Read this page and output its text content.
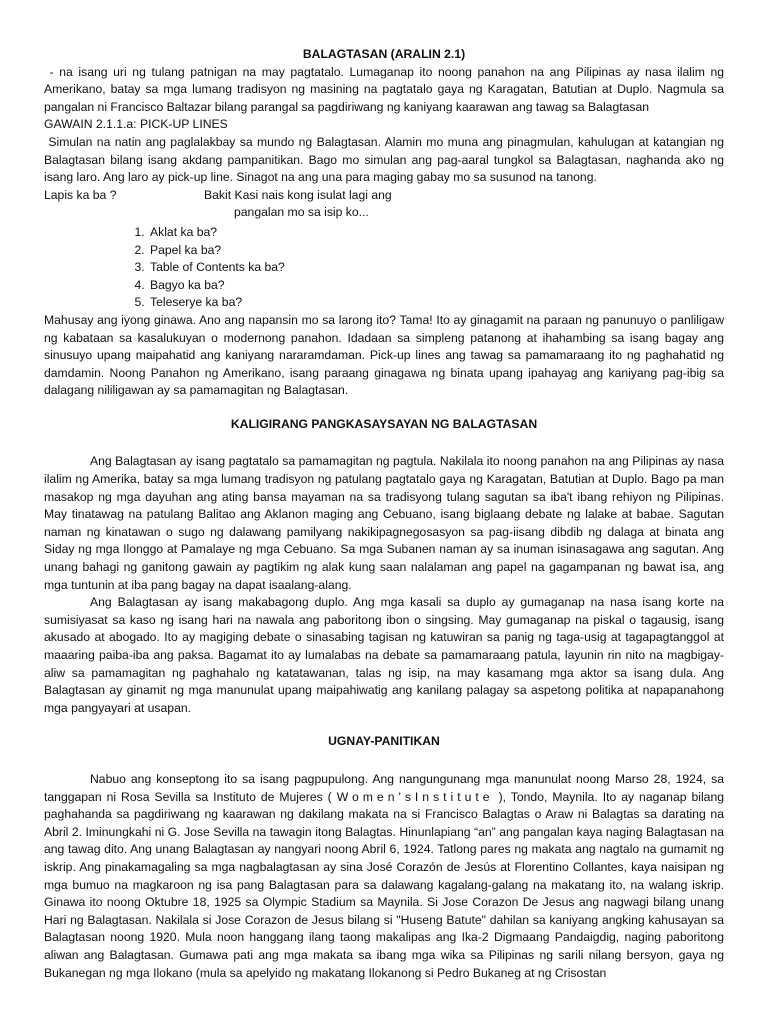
BALAGTASAN (ARALIN 2.1)

- na isang uri ng tulang patnigan na may pagtatalo. Lumaganap ito noong panahon na ang Pilipinas ay nasa ilalim ng Amerikano, batay sa mga lumang tradisyon ng masining na pagtatalo gaya ng Karagatan, Batutian at Duplo. Nagmula sa pangalan ni Francisco Baltazar bilang parangal sa pagdiriwang ng kaniyang kaarawan ang tawag sa Balagtasan

GAWAIN 2.1.1.a: PICK-UP LINES

Simulan na natin ang paglalakbay sa mundo ng Balagtasan. Alamin mo muna ang pinagmulan, kahulugan at katangian ng Balagtasan bilang isang akdang pampanitikan. Bago mo simulan ang pag-aaral tungkol sa Balagtasan, naghanda ako ng isang laro. Ang laro ay pick-up line. Sinagot na ang una para maging gabay mo sa susunod na tanong.

Lapis ka ba ?	Bakit Kasi nais kong isulat lagi ang

pangalan mo sa isip ko...

1. Aklat ka ba?
2. Papel ka ba?
3. Table of Contents ka ba?
4. Bagyo ka ba?
5. Teleserye ka ba?

Mahusay ang iyong ginawa. Ano ang napansin mo sa larong ito? Tama! Ito ay ginagamit na paraan ng panunuyo o panliligaw ng kabataan sa kasalukuyan o modernong panahon. Idadaan sa simpleng patanong at ihahambing sa isang bagay ang sinusuyo upang maipahatid ang kaniyang nararamdaman. Pick-up lines ang tawag sa pamamaraang ito ng paghahatid ng damdamin. Noong Panahon ng Amerikano, isang paraang ginagawa ng binata upang ipahayag ang kaniyang pag-ibig sa dalagang nililigawan ay sa pamamagitan ng Balagtasan.

KALIGIRANG PANGKASAYSAYAN NG BALAGTASAN

Ang Balagtasan ay isang pagtatalo sa pamamagitan ng pagtula. Nakilala ito noong panahon na ang Pilipinas ay nasa ilalim ng Amerika, batay sa mga lumang tradisyon ng patulang pagtatalo gaya ng Karagatan, Batutian at Duplo. Bago pa man masakop ng mga dayuhan ang ating bansa mayaman na sa tradisyong tulang sagutan sa iba't ibang rehiyon ng Pilipinas. May tinatawag na patulang Balitao ang Aklanon maging ang Cebuano, isang biglaang debate ng lalake at babae. Sagutan naman ng kinatawan o sugo ng dalawang pamilyang nakikipagnegosasyon sa pag-iisang dibdib ng dalaga at binata ang Siday ng mga Ilonggo at Pamalaye ng mga Cebuano. Sa mga Subanen naman ay sa inuman isinasagawa ang sagutan. Ang unang bahagi ng ganitong gawain ay pagtikim ng alak kung saan nalalaman ang papel na gagampanan ng bawat isa, ang mga tuntunin at iba pang bagay na dapat isaalang-alang.

Ang Balagtasan ay isang makabagong duplo. Ang mga kasali sa duplo ay gumaganap na nasa isang korte na sumisiyasat sa kaso ng isang hari na nawala ang paboritong ibon o singsing. May gumaganap na piskal o tagausig, isang akusado at abogado. Ito ay magiging debate o sinasabing tagisan ng katuwiran sa panig ng taga-usig at tagapagtanggol at maaaring paiba-iba ang paksa. Bagamat ito ay lumalabas na debate sa pamamaraang patula, layunin rin nito na magbigay-aliw sa pamamagitan ng paghahalo ng katatawanan, talas ng isip, na may kasamang mga aktor sa isang dula. Ang Balagtasan ay ginamit ng mga manunulat upang maipahiwatig ang kanilang palagay sa aspetong politika at napapanahong mga pangyayari at usapan.

UGNAY-PANITIKAN

Nabuo ang konseptong ito sa isang pagpupulong. Ang nangungunang mga manunulat noong Marso 28, 1924, sa tanggapan ni Rosa Sevilla sa Instituto de Mujeres ( Women'sInstitute ), Tondo, Maynila. Ito ay naganap bilang paghahanda sa pagdiriwang ng kaarawan ng dakilang makata na si Francisco Balagtas o Araw ni Balagtas sa darating na Abril 2. Iminungkahi ni G. Jose Sevilla na tawagin itong Balagtas. Hinunlapiang “an” ang pangalan kaya naging Balagtasan na ang tawag dito. Ang unang Balagtasan ay nangyari noong Abril 6, 1924. Tatlong pares ng makata ang nagtalo na gumamit ng iskrip. Ang pinakamagaling sa mga nagbalagtasan ay sina José Corazón de Jesús at Florentino Collantes, kaya naisipan ng mga bumuo na magkaroon ng isa pang Balagtasan para sa dalawang kagalang-galang na makatang ito, na walang iskrip. Ginawa ito noong Oktubre 18, 1925 sa Olympic Stadium sa Maynila. Si Jose Corazon De Jesus ang nagwagi bilang unang Hari ng Balagtasan. Nakilala si Jose Corazon de Jesus bilang si "Huseng Batute" dahilan sa kaniyang angking kahusayan sa Balagtasan noong 1920. Mula noon hanggang ilang taong makalipas ang Ika-2 Digmaang Pandaigdig, naging paboritong aliwan ang Balagtasan. Gumawa pati ang mga makata sa ibang mga wika sa Pilipinas ng sarili nilang bersyon, gaya ng Bukanegan ng mga Ilokano (mula sa apelyido ng makatang Ilokanong si Pedro Bukaneg at ng Crisostan
